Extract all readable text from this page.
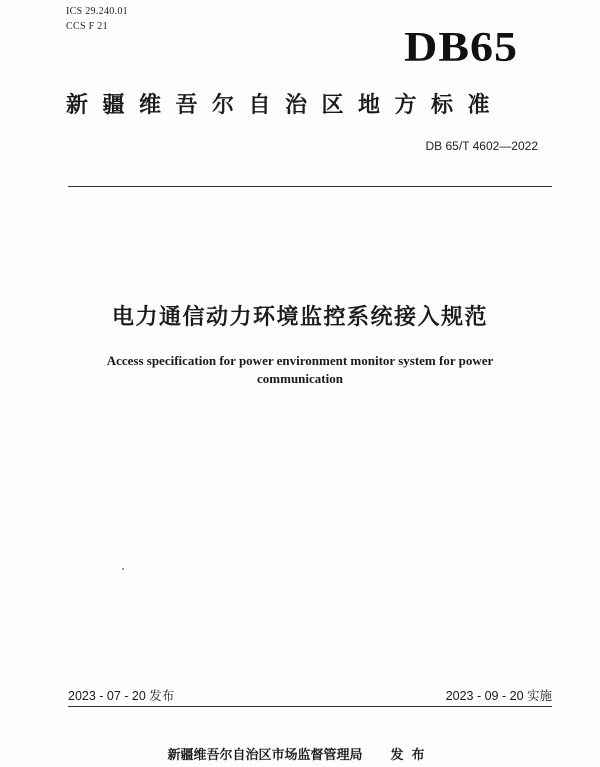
ICS 29.240.01
CCS F 21	DB65
新疆维吾尔自治区地方标准
DB 65/T 4602—2022
电力通信动力环境监控系统接入规范
Access specification for power environment monitor system for power communication
2023 - 07 - 20 发布	2023 - 09 - 20 实施
新疆维吾尔自治区市场监督管理局 发布
